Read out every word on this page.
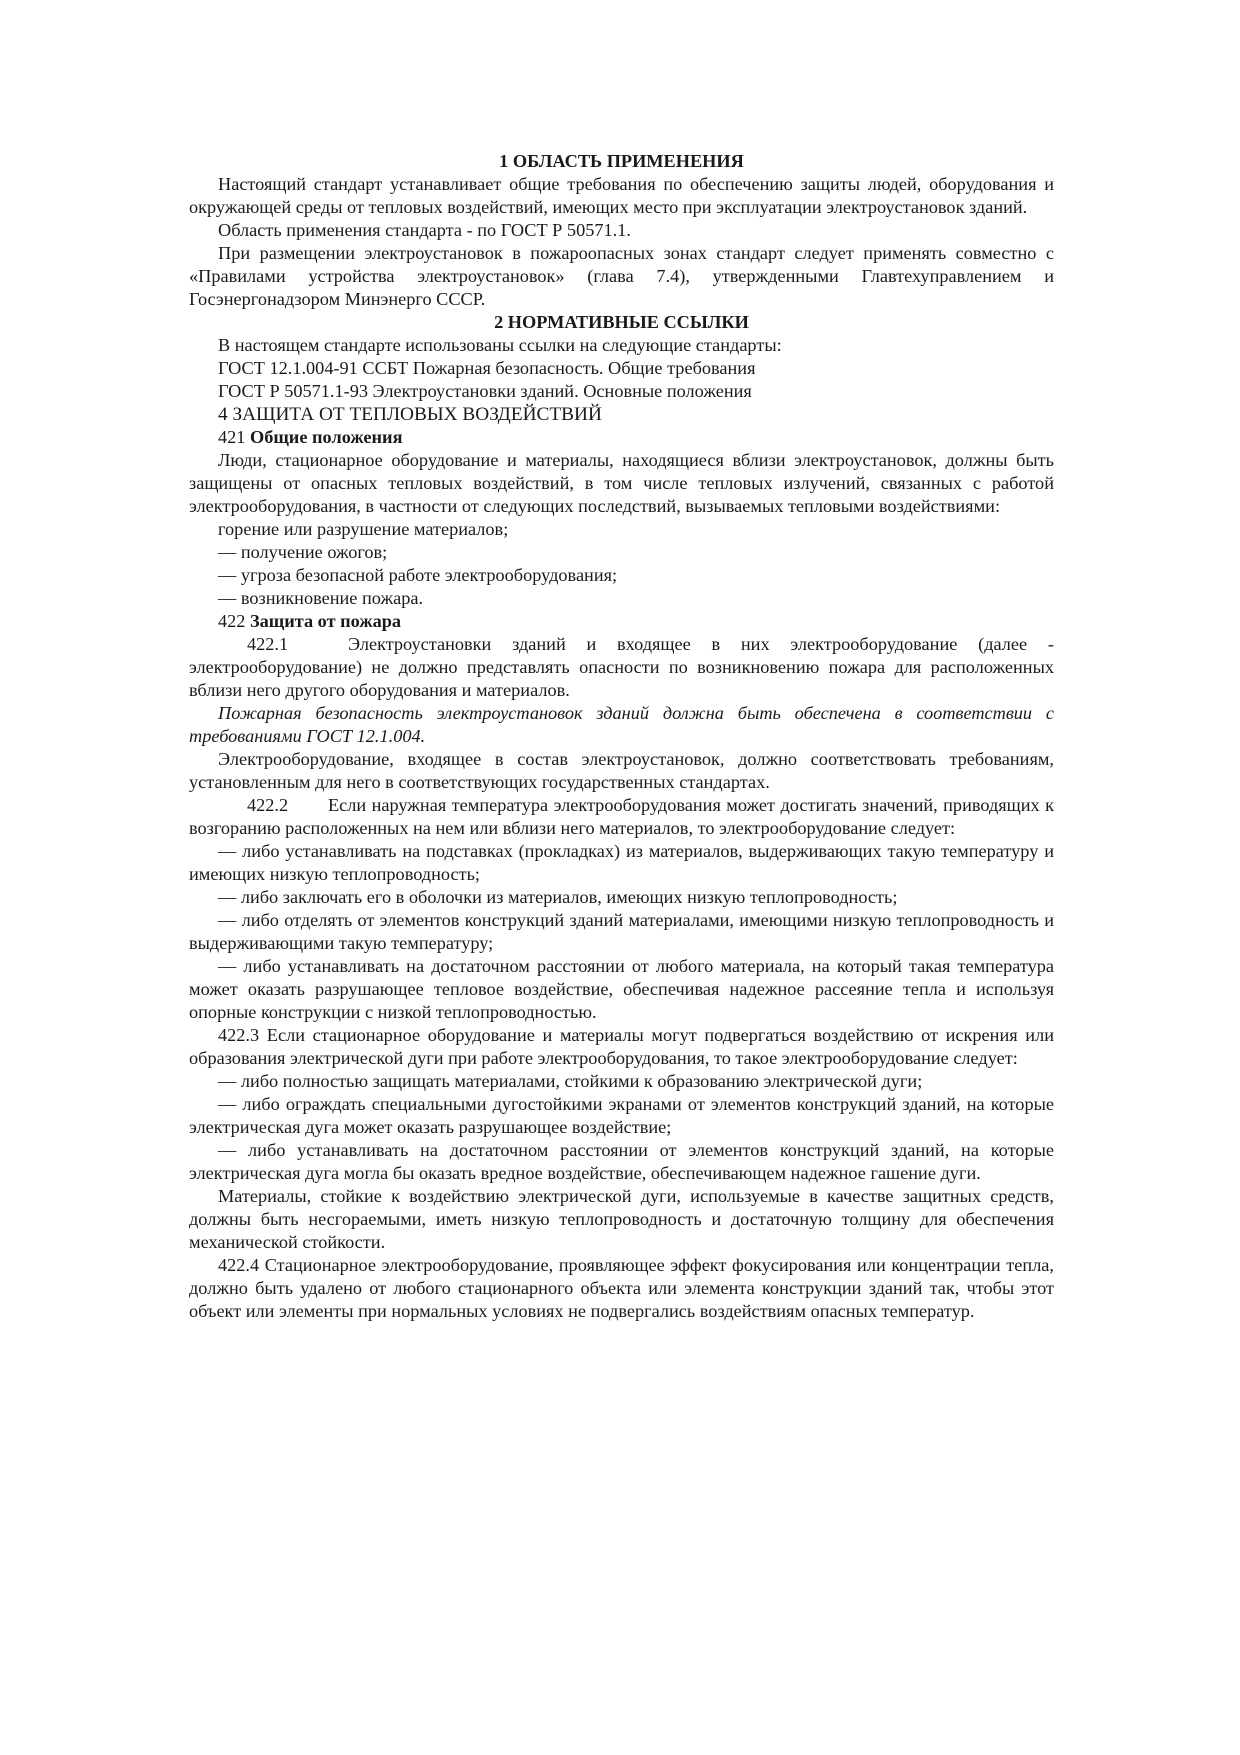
1 ОБЛАСТЬ ПРИМЕНЕНИЯ

Настоящий стандарт устанавливает общие требования по обеспечению защиты людей, оборудования и окружающей среды от тепловых воздействий, имеющих место при эксплуатации электроустановок зданий.

Область применения стандарта - по ГОСТ Р 50571.1.

При размещении электроустановок в пожароопасных зонах стандарт следует применять совместно с «Правилами устройства электроустановок» (глава 7.4), утвержденными Главтехуправлением и Госэнергонадзором Минэнерго СССР.

2 НОРМАТИВНЫЕ ССЫЛКИ

В настоящем стандарте использованы ссылки на следующие стандарты:

ГОСТ 12.1.004-91 ССБТ Пожарная безопасность. Общие требования

ГОСТ Р 50571.1-93 Электроустановки зданий. Основные положения

4 ЗАЩИТА ОТ ТЕПЛОВЫХ ВОЗДЕЙСТВИЙ

421 Общие положения

Люди, стационарное оборудование и материалы, находящиеся вблизи электроустановок, должны быть защищены от опасных тепловых воздействий, в том числе тепловых излучений, связанных с работой электрооборудования, в частности от следующих последствий, вызываемых тепловыми воздействиями:

горение или разрушение материалов;

— получение ожогов;

— угроза безопасной работе электрооборудования;

— возникновение пожара.

422 Защита от пожара

422.1	Электроустановки зданий и входящее в них электрооборудование (далее - электрооборудование) не должно представлять опасности по возникновению пожара для расположенных вблизи него другого оборудования и материалов.

Пожарная безопасность электроустановок зданий должна быть обеспечена в соответствии с требованиями ГОСТ 12.1.004.

Электрооборудование, входящее в состав электроустановок, должно соответствовать требованиям, установленным для него в соответствующих государственных стандартах.

422.2 Если наружная температура электрооборудования может достигать значений, приводящих к возгоранию расположенных на нем или вблизи него материалов, то электрооборудование следует:

— либо устанавливать на подставках (прокладках) из материалов, выдерживающих такую температуру и имеющих низкую теплопроводность;

— либо заключать его в оболочки из материалов, имеющих низкую теплопроводность;

— либо отделять от элементов конструкций зданий материалами, имеющими низкую теплопроводность и выдерживающими такую температуру;

— либо устанавливать на достаточном расстоянии от любого материала, на который такая температура может оказать разрушающее тепловое воздействие, обеспечивая надежное рассеяние тепла и используя опорные конструкции с низкой теплопроводностью.

422.3 Если стационарное оборудование и материалы могут подвергаться воздействию от искрения или образования электрической дуги при работе электрооборудования, то такое электрооборудование следует:

— либо полностью защищать материалами, стойкими к образованию электрической дуги;

— либо ограждать специальными дугостойкими экранами от элементов конструкций зданий, на которые электрическая дуга может оказать разрушающее воздействие;

— либо устанавливать на достаточном расстоянии от элементов конструкций зданий, на которые электрическая дуга могла бы оказать вредное воздействие, обеспечивающем надежное гашение дуги.

Материалы, стойкие к воздействию электрической дуги, используемые в качестве защитных средств, должны быть несгораемыми, иметь низкую теплопроводность и достаточную толщину для обеспечения механической стойкости.

422.4 Стационарное электрооборудование, проявляющее эффект фокусирования или концентрации тепла, должно быть удалено от любого стационарного объекта или элемента конструкции зданий так, чтобы этот объект или элементы при нормальных условиях не подвергались воздействиям опасных температур.
